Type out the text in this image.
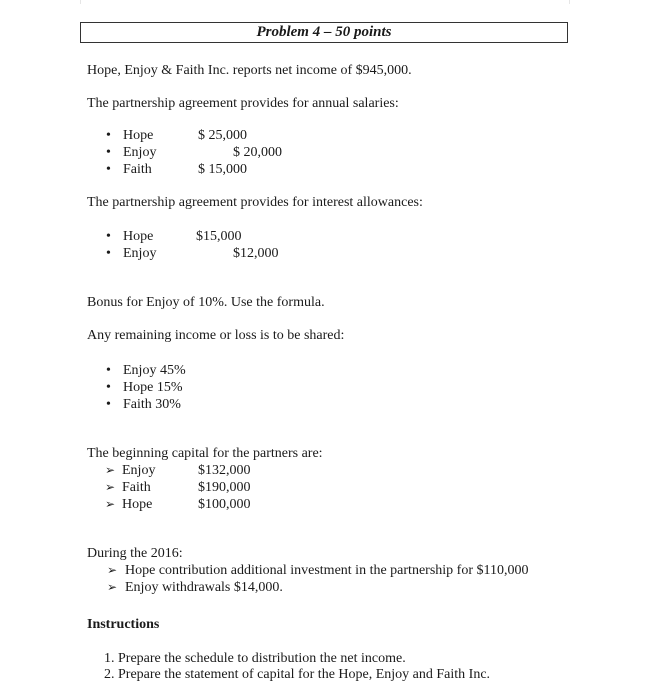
Problem 4 – 50 points
Hope, Enjoy & Faith Inc. reports net income of $945,000.
The partnership agreement provides for annual salaries:
• Hope	$ 25,000
• Enjoy	$ 20,000
• Faith	$ 15,000
The partnership agreement provides for interest allowances:
• Hope	$15,000
• Enjoy	$12,000
Bonus for Enjoy of 10%. Use the formula.
Any remaining income or loss is to be shared:
• Enjoy 45%
• Hope 15%
• Faith 30%
The beginning capital for the partners are:
➢ Enjoy	$132,000
➢ Faith	$190,000
➢ Hope	$100,000
During the 2016:
➢ Hope contribution additional investment in the partnership for $110,000
➢ Enjoy withdrawals $14,000.
Instructions
1. Prepare the schedule to distribution the net income.
2. Prepare the statement of capital for the Hope, Enjoy and Faith Inc.
